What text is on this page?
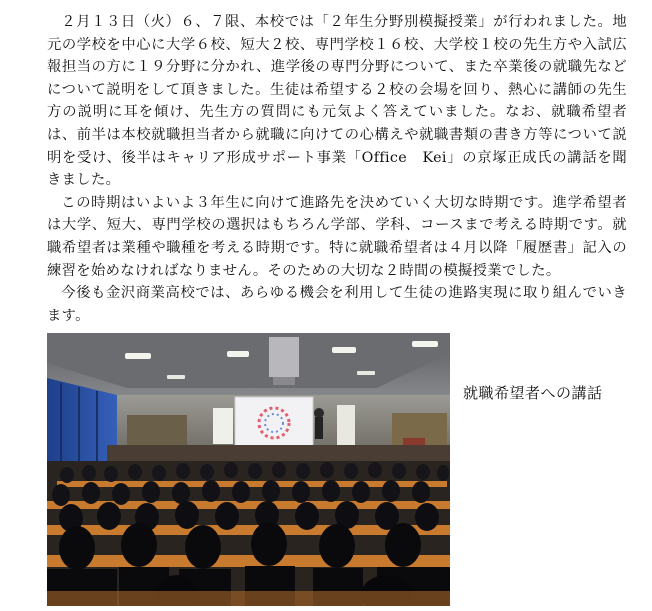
２月１３日（火）６、７限、本校では「２年生分野別模擬授業」が行われました。地元の学校を中心に大学６校、短大２校、専門学校１６校、大学校１校の先生方や入試広報担当の方に１９分野に分かれ、進学後の専門分野について、また卒業後の就職先などについて説明をして頂きました。生徒は希望する２校の会場を回り、熱心に講師の先生方の説明に耳を傾け、先生方の質問にも元気よく答えていました。なお、就職希望者は、前半は本校就職担当者から就職に向けての心構えや就職書類の書き方等について説明を受け、後半はキャリア形成サポート事業「Office　Kei」の京塚正成氏の講話を聞きました。

この時期はいよいよ３年生に向けて進路先を決めていく大切な時期です。進学希望者は大学、短大、専門学校の選択はもちろん学部、学科、コースまで考える時期です。就職希望者は業種や職種を考える時期です。特に就職希望者は４月以降「履歴書」記入の練習を始めなければなりません。そのための大切な２時間の模擬授業でした。

今後も金沢商業高校では、あらゆる機会を利用して生徒の進路実現に取り組んでいきます。

就職希望者への講話
